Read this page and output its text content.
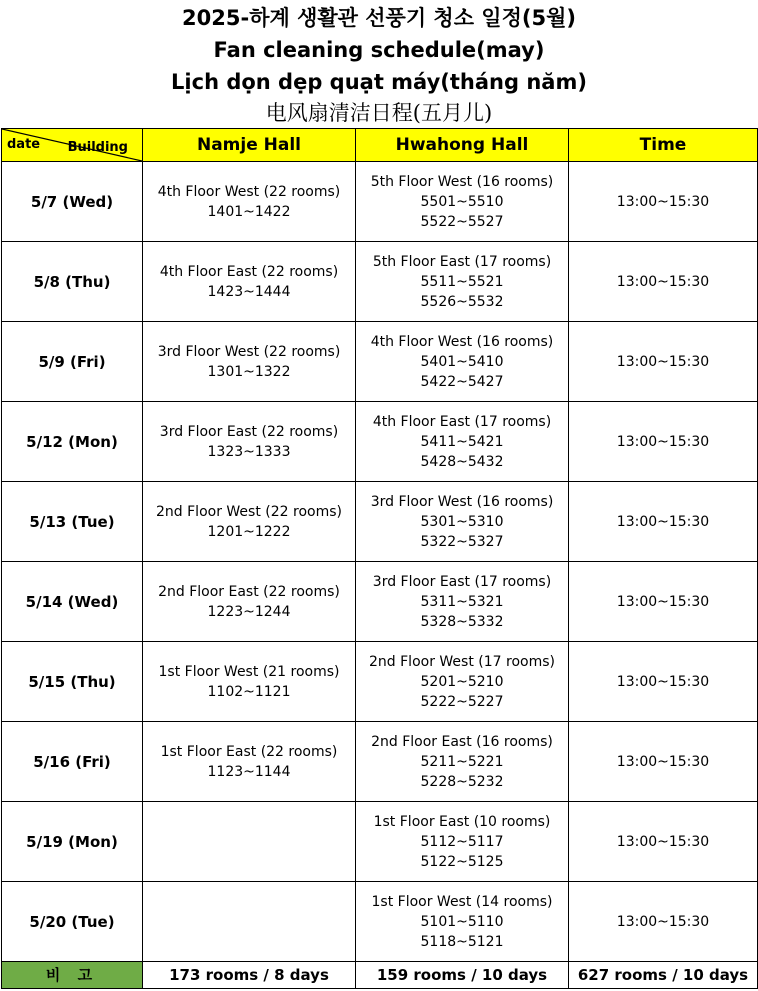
2025-하계 생활관 선풍기 청소 일정(5월)
Fan cleaning schedule(may)
Lịch dọn dẹp quạt máy(tháng năm)
电风扇清洁日程(五月儿)
date Building	Namje Hall	Hwahong Hall	Time
5/7 (Wed)	4th Floor West (22 rooms)
1401~1422	5th Floor West (16 rooms)
5501~5510
5522~5527	13:00~15:30
5/8 (Thu)	4th Floor East (22 rooms)
1423~1444	5th Floor East (17 rooms)
5511~5521
5526~5532	13:00~15:30
5/9 (Fri)	3rd Floor West (22 rooms)
1301~1322	4th Floor West (16 rooms)
5401~5410
5422~5427	13:00~15:30
5/12 (Mon)	3rd Floor East (22 rooms)
1323~1333	4th Floor East (17 rooms)
5411~5421
5428~5432	13:00~15:30
5/13 (Tue)	2nd Floor West (22 rooms)
1201~1222	3rd Floor West (16 rooms)
5301~5310
5322~5327	13:00~15:30
5/14 (Wed)	2nd Floor East (22 rooms)
1223~1244	3rd Floor East (17 rooms)
5311~5321
5328~5332	13:00~15:30
5/15 (Thu)	1st Floor West (21 rooms)
1102~1121	2nd Floor West (17 rooms)
5201~5210
5222~5227	13:00~15:30
5/16 (Fri)	1st Floor East (22 rooms)
1123~1144	2nd Floor East (16 rooms)
5211~5221
5228~5232	13:00~15:30
5/19 (Mon)		1st Floor East (10 rooms)
5112~5117
5122~5125	13:00~15:30
5/20 (Tue)		1st Floor West (14 rooms)
5101~5110
5118~5121	13:00~15:30
비 고	173 rooms / 8 days	159 rooms / 10 days	627 rooms / 10 days
